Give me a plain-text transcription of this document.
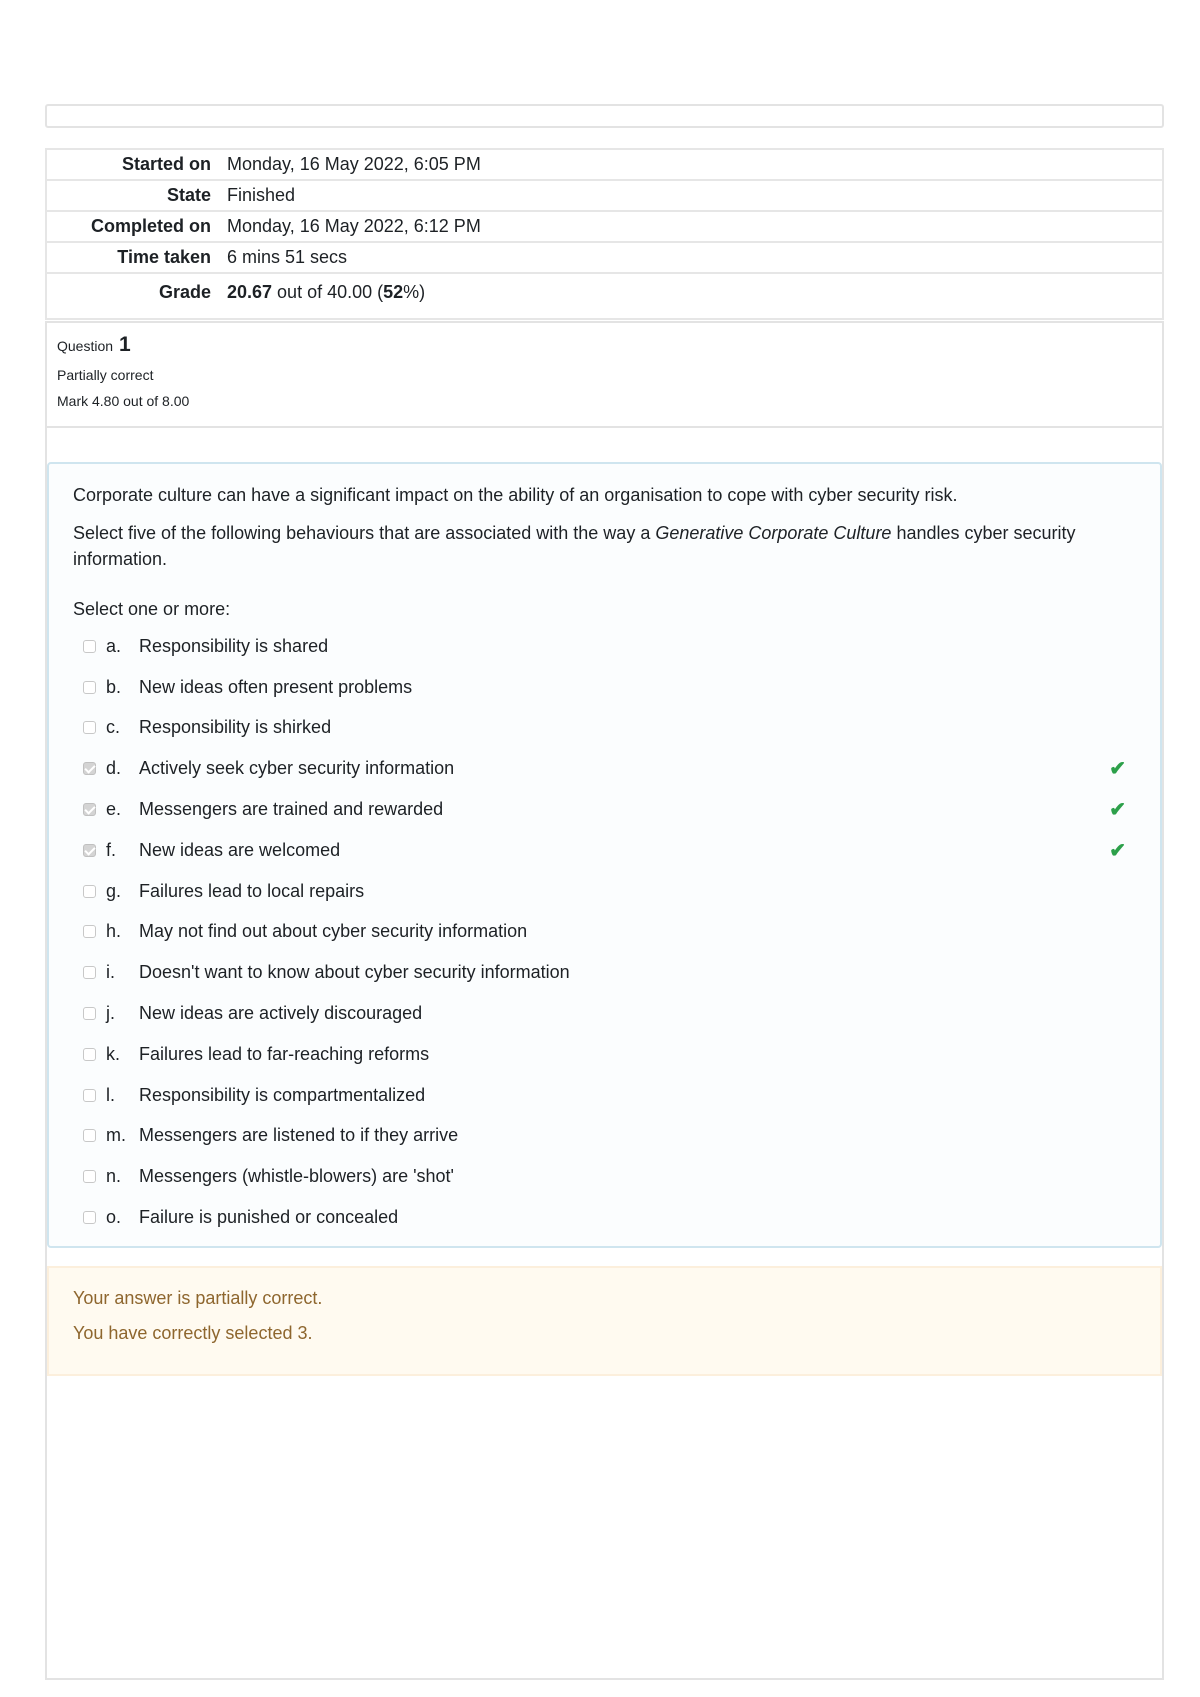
Started on Monday, 16 May 2022, 6:05 PM
State Finished
Completed on Monday, 16 May 2022, 6:12 PM
Time taken 6 mins 51 secs
Grade 20.67 out of 40.00 (52%)
Question 1
Partially correct
Mark 4.80 out of 8.00

Corporate culture can have a significant impact on the ability of an organisation to cope with cyber security risk.

Select five of the following behaviours that are associated with the way a Generative Corporate Culture handles cyber security information.

Select one or more:

a. Responsibility is shared
b. New ideas often present problems
c.	Responsibility is shirked
d. Actively seek cyber security information	✔
e. Messengers are trained and rewarded	✔
f.	New ideas are welcomed	✔
g. Failures lead to local repairs
h. May not find out about cyber security information
i.	Doesn't want to know about cyber security information
j.	New ideas are actively discouraged
k.	Failures lead to far-reaching reforms
l.	Responsibility is compartmentalized
m. Messengers are listened to if they arrive
n. Messengers (whistle-blowers) are 'shot'
o. Failure is punished or concealed

Your answer is partially correct.

You have correctly selected 3.
